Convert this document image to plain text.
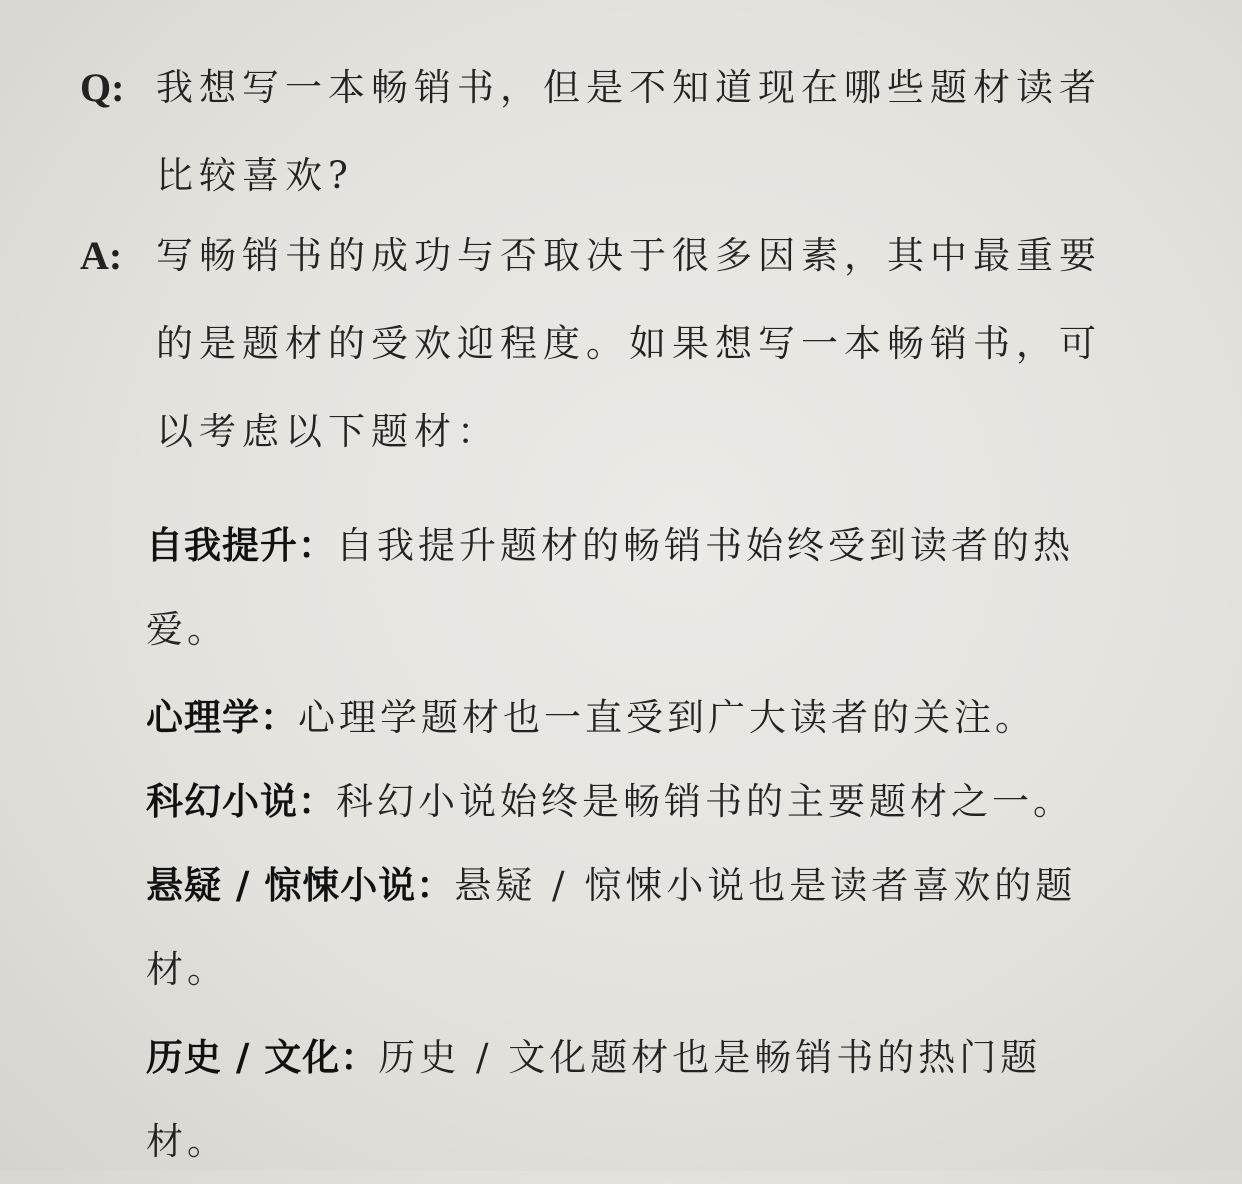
Q: 我想写一本畅销书，但是不知道现在哪些题材读者比较喜欢?
A: 写畅销书的成功与否取决于很多因素，其中最重要的是题材的受欢迎程度。如果想写一本畅销书，可以考虑以下题材：
自我提升：自我提升题材的畅销书始终受到读者的热爱。
心理学：心理学题材也一直受到广大读者的关注。
科幻小说：科幻小说始终是畅销书的主要题材之一。
悬疑 / 惊悚小说：悬疑 / 惊悚小说也是读者喜欢的题材。
历史 / 文化：历史 / 文化题材也是畅销书的热门题材。
